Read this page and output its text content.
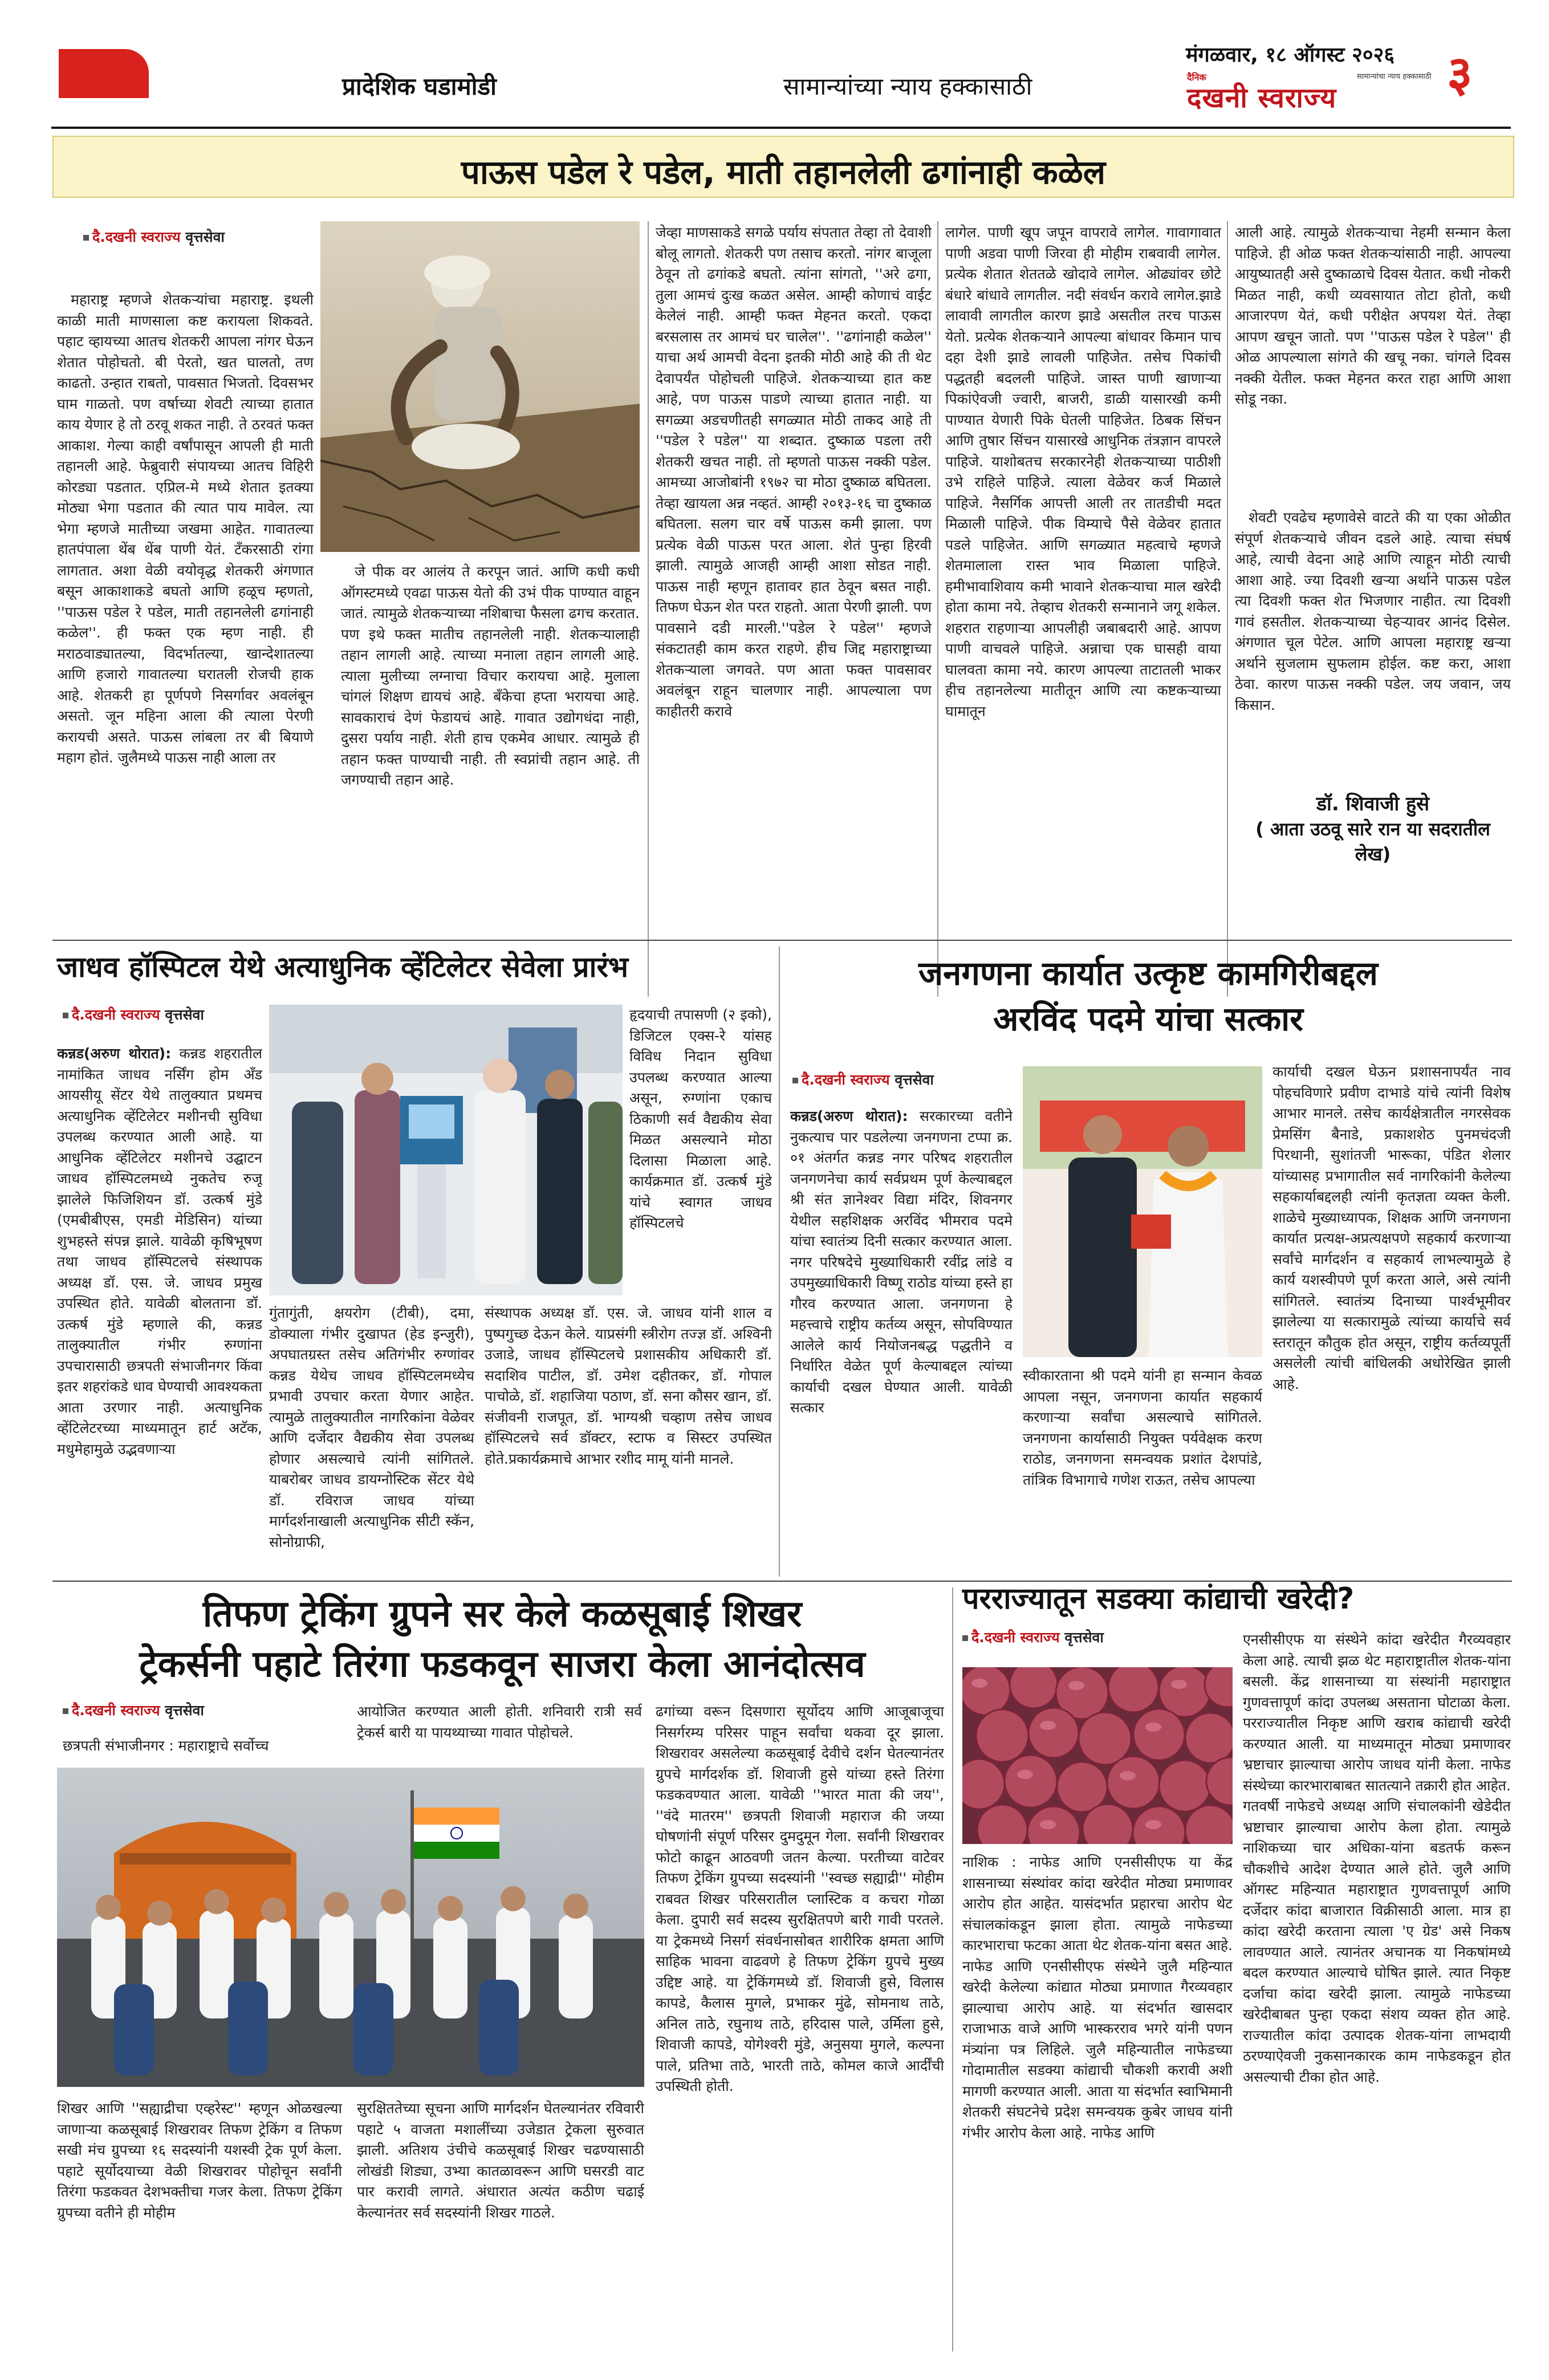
प्रादेशिक घडामोडी	सामान्यांच्या न्याय हक्कासाठी
मंगळवार, १८ ऑगस्ट २०२६
दैनिक	सामान्यांचा न्याय हक्कासाठी
दखनी स्वराज्य ३
पाऊस पडेल रे पडेल, माती तहानलेली ढगांनाही कळेल
दै.दखनी स्वराज्य वृत्तसेवा

महाराष्ट्र म्हणजे शेतकऱ्यांचा महाराष्ट्र. इथली काळी माती माणसाला कष्ट करायला शिकवते. पहाट व्हायच्या आतच शेतकरी आपला नांगर घेऊन शेतात पोहोचतो. बी पेरतो, खत घालतो, तण काढतो. उन्हात राबतो, पावसात भिजतो. दिवसभर घाम गाळतो. पण वर्षाच्या शेवटी त्याच्या हातात काय येणार हे तो ठरवू शकत नाही. ते ठरवतं फक्त आकाश. गेल्या काही वर्षांपासून आपली ही माती तहानली आहे. फेब्रुवारी संपायच्या आतच विहिरी कोरड्या पडतात. एप्रिल-मे मध्ये शेतात इतक्या मोठ्या भेगा पडतात की त्यात पाय मावेल. त्या भेगा म्हणजे मातीच्या जखमा आहेत. गावातल्या हातपंपाला थेंब थेंब पाणी येतं. टँकरसाठी रांगा लागतात. अशा वेळी वयोवृद्ध शेतकरी अंगणात बसून आकाशाकडे बघतो आणि हळूच म्हणतो, ''पाऊस पडेल रे पडेल, माती तहानलेली ढगांनाही कळेल''. ही फक्त एक म्हण नाही. ही मराठवाड्यातल्या, विदर्भातल्या, खान्देशातल्या आणि हजारो गावातल्या घरातली रोजची हाक आहे. शेतकरी हा पूर्णपणे निसर्गावर अवलंबून असतो. जून महिना आला की त्याला पेरणी करायची असते. पाऊस लांबला तर बी बियाणे महाग होतं. जुलैमध्ये पाऊस नाही आला तर

जे पीक वर आलंय ते करपून जातं. आणि कधी कधी ऑगस्टमध्ये एवढा पाऊस येतो की उभं पीक पाण्यात वाहून जातं. त्यामुळे शेतकऱ्याच्या नशिबाचा फैसला ढगच करतात. पण इथे फक्त मातीच तहानलेली नाही. शेतकऱ्यालाही तहान लागली आहे. त्याच्या मनाला तहान लागली आहे. त्याला मुलीच्या लग्नाचा विचार करायचा आहे. मुलाला चांगलं शिक्षण द्यायचं आहे. बँकेचा हप्ता भरायचा आहे. सावकाराचं देणं फेडायचं आहे. गावात उद्योगधंदा नाही, दुसरा पर्याय नाही. शेती हाच एकमेव आधार. त्यामुळे ही तहान फक्त पाण्याची नाही. ती स्वप्नांची तहान आहे. ती जगण्याची तहान आहे.

जेव्हा माणसाकडे सगळे पर्याय संपतात तेव्हा तो देवाशी बोलू लागतो. शेतकरी पण तसाच करतो. नांगर बाजूला ठेवून तो ढगांकडे बघतो. त्यांना सांगतो, ''अरे ढगा, तुला आमचं दुःख कळत असेल. आम्ही कोणाचं वाईट केलेलं नाही. आम्ही फक्त मेहनत करतो. एकदा बरसलास तर आमचं घर चालेल''. ''ढगांनाही कळेल'' याचा अर्थ आमची वेदना इतकी मोठी आहे की ती थेट देवापर्यंत पोहोचली पाहिजे. शेतकऱ्याच्या हात कष्ट आहे, पण पाऊस पाडणे त्याच्या हातात नाही. या सगळ्या अडचणीतही सगळ्यात मोठी ताकद आहे ती ''पडेल रे पडेल'' या शब्दात. दुष्काळ पडला तरी शेतकरी खचत नाही. तो म्हणतो पाऊस नक्की पडेल. आमच्या आजोबांनी १९७२ चा मोठा दुष्काळ बघितला. तेव्हा खायला अन्न नव्हतं. आम्ही २०१३-१६ चा दुष्काळ बघितला. सलग चार वर्षे पाऊस कमी झाला. पण प्रत्येक वेळी पाऊस परत आला. शेतं पुन्हा हिरवी झाली. त्यामुळे आजही आम्ही आशा सोडत नाही. पाऊस नाही म्हणून हातावर हात ठेवून बसत नाही. तिफण घेऊन शेत परत राहतो. आता पेरणी झाली. पण पावसाने दडी मारली.''पडेल रे पडेल'' म्हणजे संकटातही काम करत राहणे. हीच जिद्द महाराष्ट्राच्या शेतकऱ्याला जगवते. पण आता फक्त पावसावर अवलंबून राहून चालणार नाही. आपल्याला पण काहीतरी करावे

लागेल. पाणी खूप जपून वापरावे लागेल. गावागावात पाणी अडवा पाणी जिरवा ही मोहीम राबवावी लागेल. प्रत्येक शेतात शेततळे खोदावे लागेल. ओढ्यांवर छोटे बंधारे बांधावे लागतील. नदी संवर्धन करावे लागेल.झाडे लावावी लागतील कारण झाडे असतील तरच पाऊस येतो. प्रत्येक शेतकऱ्याने आपल्या बांधावर किमान पाच दहा देशी झाडे लावली पाहिजेत. तसेच पिकांची पद्धतही बदलली पाहिजे. जास्त पाणी खाणाऱ्या पिकांऐवजी ज्वारी, बाजरी, डाळी यासारखी कमी पाण्यात येणारी पिके घेतली पाहिजेत. ठिबक सिंचन आणि तुषार सिंचन यासारखे आधुनिक तंत्रज्ञान वापरले पाहिजे. याशोबतच सरकारनेही शेतकऱ्याच्या पाठीशी उभे राहिले पाहिजे. त्याला वेळेवर कर्ज मिळाले पाहिजे. नैसर्गिक आपत्ती आली तर तातडीची मदत मिळाली पाहिजे. पीक विम्याचे पैसे वेळेवर हातात पडले पाहिजेत. आणि सगळ्यात महत्वाचे म्हणजे शेतमालाला रास्त भाव मिळाला पाहिजे. हमीभावाशिवाय कमी भावाने शेतकऱ्याचा माल खरेदी होता कामा नये. तेव्हाच शेतकरी सन्मानाने जगू शकेल. शहरात राहणाऱ्या आपलीही जबाबदारी आहे. आपण पाणी वाचवले पाहिजे. अन्नाचा एक घासही वाया घालवता कामा नये. कारण आपल्या ताटातली भाकर हीच तहानलेल्या मातीतून आणि त्या कष्टकऱ्याच्या घामातून

आली आहे. त्यामुळे शेतकऱ्याचा नेहमी सन्मान केला पाहिजे. ही ओळ फक्त शेतकऱ्यांसाठी नाही. आपल्या आयुष्यातही असे दुष्काळाचे दिवस येतात. कधी नोकरी मिळत नाही, कधी व्यवसायात तोटा होतो, कधी आजारपण येतं, कधी परीक्षेत अपयश येतं. तेव्हा आपण खचून जातो. पण ''पाऊस पडेल रे पडेल'' ही ओळ आपल्याला सांगते की खचू नका. चांगले दिवस नक्की येतील. फक्त मेहनत करत राहा आणि आशा सोडू नका.

शेवटी एवढेच म्हणावेसे वाटते की या एका ओळीत संपूर्ण शेतकऱ्याचे जीवन दडले आहे. त्याचा संघर्ष आहे, त्याची वेदना आहे आणि त्याहून मोठी त्याची आशा आहे. ज्या दिवशी खऱ्या अर्थाने पाऊस पडेल त्या दिवशी फक्त शेत भिजणार नाहीत. त्या दिवशी गावं हसतील. शेतकऱ्याच्या चेहऱ्यावर आनंद दिसेल. अंगणात चूल पेटेल. आणि आपला महाराष्ट्र खऱ्या अर्थाने सुजलाम सुफलाम होईल. कष्ट करा, आशा ठेवा. कारण पाऊस नक्की पडेल. जय जवान, जय किसान.

डॉ. शिवाजी हुसे
( आता उठवू सारे रान या सदरातील लेख)
जाधव हॉस्पिटल येथे अत्याधुनिक व्हेंटिलेटर सेवेला प्रारंभ
दै.दखनी स्वराज्य वृत्तसेवा

कन्नड(अरुण थोरात): कन्नड शहरातील नामांकित जाधव नर्सिंग होम अँड आयसीयू सेंटर येथे तालुक्यात प्रथमच अत्याधुनिक व्हेंटिलेटर मशीनची सुविधा उपलब्ध करण्यात आली आहे. या आधुनिक व्हेंटिलेटर मशीनचे उद्घाटन जाधव हॉस्पिटलमध्ये नुकतेच रुजू झालेले फिजिशियन डॉ. उत्कर्ष मुंडे (एमबीबीएस, एमडी मेडिसिन) यांच्या शुभहस्ते संपन्न झाले. यावेळी कृषिभूषण तथा जाधव हॉस्पिटलचे संस्थापक अध्यक्ष डॉ. एस. जे. जाधव प्रमुख उपस्थित होते. यावेळी बोलताना डॉ. उत्कर्ष मुंडे म्हणाले की, कन्नड तालुक्यातील गंभीर रुग्णांना उपचारासाठी छत्रपती संभाजीनगर किंवा इतर शहरांकडे धाव घेण्याची आवश्यकता आता उरणार नाही. अत्याधुनिक व्हेंटिलेटरच्या माध्यमातून हार्ट अटॅक, मधुमेहामुळे उद्भवणाऱ्या

हृदयाची तपासणी (२ इको), डिजिटल एक्स-रे यांसह विविध निदान सुविधा उपलब्ध करण्यात आल्या असून, रुग्णांना एकाच ठिकाणी सर्व वैद्यकीय सेवा मिळत असल्याने मोठा दिलासा मिळाला आहे. कार्यक्रमात डॉ. उत्कर्ष मुंडे यांचे स्वागत जाधव हॉस्पिटलचे

गुंतागुंती, क्षयरोग (टीबी), दमा, डोक्याला गंभीर दुखापत (हेड इन्जुरी), अपघातग्रस्त तसेच अतिगंभीर रुग्णांवर कन्नड येथेच जाधव हॉस्पिटलमध्येच प्रभावी उपचार करता येणार आहेत. त्यामुळे तालुक्यातील नागरिकांना वेळेवर आणि दर्जेदार वैद्यकीय सेवा उपलब्ध होणार असल्याचे त्यांनी सांगितले. याबरोबर जाधव डायग्नोस्टिक सेंटर येथे डॉ. रविराज जाधव यांच्या मार्गदर्शनाखाली अत्याधुनिक सीटी स्कॅन, सोनोग्राफी,

संस्थापक अध्यक्ष डॉ. एस. जे. जाधव यांनी शाल व पुष्पगुच्छ देऊन केले. याप्रसंगी स्त्रीरोग तज्ज्ञ डॉ. अश्विनी उजाडे, जाधव हॉस्पिटलचे प्रशासकीय अधिकारी डॉ. सदाशिव पाटील, डॉ. उमेश दहीतकर, डॉ. गोपाल पाचोळे, डॉ. शहाजिया पठाण, डॉ. सना कौसर खान, डॉ. संजीवनी राजपूत, डॉ. भाग्यश्री चव्हाण तसेच जाधव हॉस्पिटलचे सर्व डॉक्टर, स्टाफ व सिस्टर उपस्थित होते.प्रकार्यक्रमाचे आभार रशीद मामू यांनी मानले.

जनगणना कार्यात उत्कृष्ट कामगिरीबद्दल
अरविंद पदमे यांचा सत्कार
दै.दखनी स्वराज्य वृत्तसेवा

कन्नड(अरुण थोरात): सरकारच्या वतीने नुकत्याच पार पडलेल्या जनगणना टप्पा क्र. ०१ अंतर्गत कन्नड नगर परिषद शहरातील जनगणनेचा कार्य सर्वप्रथम पूर्ण केल्याबद्दल श्री संत ज्ञानेश्वर विद्या मंदिर, शिवनगर येथील सहशिक्षक अरविंद भीमराव पदमे यांचा स्वातंत्र्य दिनी सत्कार करण्यात आला. नगर परिषदेचे मुख्याधिकारी रवींद्र लांडे व उपमुख्याधिकारी विष्णू राठोड यांच्या हस्ते हा गौरव करण्यात आला. जनगणना हे महत्त्वाचे राष्ट्रीय कर्तव्य असून, सोपविण्यात आलेले कार्य नियोजनबद्ध पद्धतीने व निर्धारित वेळेत पूर्ण केल्याबद्दल त्यांच्या कार्याची दखल घेण्यात आली. यावेळी सत्कार

स्वीकारताना श्री पदमे यांनी हा सन्मान केवळ आपला नसून, जनगणना कार्यात सहकार्य करणाऱ्या सर्वांचा असल्याचे सांगितले. जनगणना कार्यासाठी नियुक्त पर्यवेक्षक करण राठोड, जनगणना समन्वयक प्रशांत देशपांडे, तांत्रिक विभागाचे गणेश राऊत, तसेच आपल्या

कार्याची दखल घेऊन प्रशासनापर्यंत नाव पोहचविणारे प्रवीण दाभाडे यांचे त्यांनी विशेष आभार मानले. तसेच कार्यक्षेत्रातील नगरसेवक प्रेमसिंग बैनाडे, प्रकाशशेठ पुनमचंदजी पिरथानी, सुशांतजी भारूका, पंडित शेलार यांच्यासह प्रभागातील सर्व नागरिकांनी केलेल्या सहकार्याबद्दलही त्यांनी कृतज्ञता व्यक्त केली. शाळेचे मुख्याध्यापक, शिक्षक आणि जनगणना कार्यात प्रत्यक्ष-अप्रत्यक्षपणे सहकार्य करणाऱ्या सर्वांचे मार्गदर्शन व सहकार्य लाभल्यामुळे हे कार्य यशस्वीपणे पूर्ण करता आले, असे त्यांनी सांगितले. स्वातंत्र्य दिनाच्या पार्श्वभूमीवर झालेल्या या सत्कारामुळे त्यांच्या कार्याचे सर्व स्तरातून कौतुक होत असून, राष्ट्रीय कर्तव्यपूर्ती असलेली त्यांची बांधिलकी अधोरेखित झाली आहे.

तिफण ट्रेकिंग ग्रुपने सर केले कळसूबाई शिखर
ट्रेकर्सनी पहाटे तिरंगा फडकवून साजरा केला आनंदोत्सव
दै.दखनी स्वराज्य वृत्तसेवा

छत्रपती संभाजीनगर : महाराष्ट्राचे सर्वोच्च

आयोजित करण्यात आली होती. शनिवारी रात्री सर्व ट्रेकर्स बारी या पायथ्याच्या गावात पोहोचले.

शिखर आणि ''सह्याद्रीचा एव्हरेस्ट'' म्हणून ओळखल्या जाणाऱ्या कळसूबाई शिखरावर तिफण ट्रेकिंग व तिफण सखी मंच ग्रुपच्या १६ सदस्यांनी यशस्वी ट्रेक पूर्ण केला. पहाटे सूर्योदयाच्या वेळी शिखरावर पोहोचून सर्वांनी तिरंगा फडकवत देशभक्तीचा गजर केला. तिफण ट्रेकिंग ग्रुपच्या वतीने ही मोहीम

सुरक्षिततेच्या सूचना आणि मार्गदर्शन घेतल्यानंतर रविवारी पहाटे ५ वाजता मशालींच्या उजेडात ट्रेकला सुरुवात झाली. अतिशय उंचीचे कळसूबाई शिखर चढण्यासाठी लोखंडी शिड्या, उभ्या कातळावरून आणि घसरडी वाट पार करावी लागते. अंधारात अत्यंत कठीण चढाई केल्यानंतर सर्व सदस्यांनी शिखर गाठले.

ढगांच्या वरून दिसणारा सूर्योदय आणि आजूबाजूचा निसर्गरम्य परिसर पाहून सर्वांचा थकवा दूर झाला. शिखरावर असलेल्या कळसूबाई देवीचे दर्शन घेतल्यानंतर ग्रुपचे मार्गदर्शक डॉ. शिवाजी हुसे यांच्या हस्ते तिरंगा फडकवण्यात आला. यावेळी ''भारत माता की जय'', ''वंदे मातरम'' छत्रपती शिवाजी महाराज की जय्या घोषणांनी संपूर्ण परिसर दुमदुमून गेला. सर्वांनी शिखरावर फोटो काढून आठवणी जतन केल्या. परतीच्या वाटेवर तिफण ट्रेकिंग ग्रुपच्या सदस्यांनी ''स्वच्छ सह्याद्री'' मोहीम राबवत शिखर परिसरातील प्लास्टिक व कचरा गोळा केला. दुपारी सर्व सदस्य सुरक्षितपणे बारी गावी परतले. या ट्रेकमध्ये निसर्ग संवर्धनासोबत शारीरिक क्षमता आणि साहिक भावना वाढवणे हे तिफण ट्रेकिंग ग्रुपचे मुख्य उद्दिष्ट आहे. या ट्रेकिंगमध्ये डॉ. शिवाजी हुसे, विलास कापडे, कैलास मुगले, प्रभाकर मुंढे, सोमनाथ ताठे, अनिल ताठे, रघुनाथ ताठे, हरिदास पाले, उर्मिला हुसे, शिवाजी कापडे, योगेश्वरी मुंडे, अनुसया मुगले, कल्पना पाले, प्रतिभा ताठे, भारती ताठे, कोमल काजे आर्दींची उपस्थिती होती.

परराज्यातून सडक्या कांद्याची खरेदी?
दै.दखनी स्वराज्य वृत्तसेवा

नाशिक : नाफेड आणि एनसीसीएफ या केंद्र शासनाच्या संस्थांवर कांदा खरेदीत मोठ्या प्रमाणावर आरोप होत आहेत. यासंदर्भात प्रहारचा आरोप थेट संचालकांकडून झाला होता. त्यामुळे नाफेडच्या कारभाराचा फटका आता थेट शेतक-यांना बसत आहे. नाफेड आणि एनसीसीएफ संस्थेने जुलै महिन्यात खरेदी केलेल्या कांद्यात मोठ्या प्रमाणात गैरव्यवहार झाल्याचा आरोप आहे. या संदर्भात खासदार राजाभाऊ वाजे आणि भास्करराव भगरे यांनी पणन मंत्र्यांना पत्र लिहिले. जुलै महिन्यातील नाफेडच्या गोदामातील सडक्या कांद्याची चौकशी करावी अशी मागणी करण्यात आली. आता या संदर्भात स्वाभिमानी शेतकरी संघटनेचे प्रदेश समन्वयक कुबेर जाधव यांनी गंभीर आरोप केला आहे. नाफेड आणि

एनसीसीएफ या संस्थेने कांदा खरेदीत गैरव्यवहार केला आहे. त्याची झळ थेट महाराष्ट्रातील शेतक-यांना बसली. केंद्र शासनाच्या या संस्थांनी महाराष्ट्रात गुणवत्तापूर्ण कांदा उपलब्ध असताना घोटाळा केला. परराज्यातील निकृष्ट आणि खराब कांद्याची खरेदी करण्यात आली. या माध्यमातून मोठ्या प्रमाणावर भ्रष्टाचार झाल्याचा आरोप जाधव यांनी केला. नाफेड संस्थेच्या कारभाराबाबत सातत्याने तक्रारी होत आहेत. गतवर्षी नाफेडचे अध्यक्ष आणि संचालकांनी खेडेदीत भ्रष्टाचार झाल्याचा आरोप केला होता. त्यामुळे नाशिकच्या चार अधिका-यांना बडतर्फ करून चौकशीचे आदेश देण्यात आले होते. जुलै आणि ऑगस्ट महिन्यात महाराष्ट्रात गुणवत्तापूर्ण आणि दर्जेदार कांदा बाजारात विक्रीसाठी आला. मात्र हा कांदा खरेदी करताना त्याला 'ए ग्रेड' असे निकष लावण्यात आले. त्यानंतर अचानक या निकषांमध्ये बदल करण्यात आल्याचे घोषित झाले. त्यात निकृष्ट दर्जाचा कांदा खरेदी झाला. त्यामुळे नाफेडच्या खरेदीबाबत पुन्हा एकदा संशय व्यक्त होत आहे. राज्यातील कांदा उत्पादक शेतक-यांना लाभदायी ठरण्याऐवजी नुकसानकारक काम नाफेडकडून होत असल्याची टीका होत आहे.
